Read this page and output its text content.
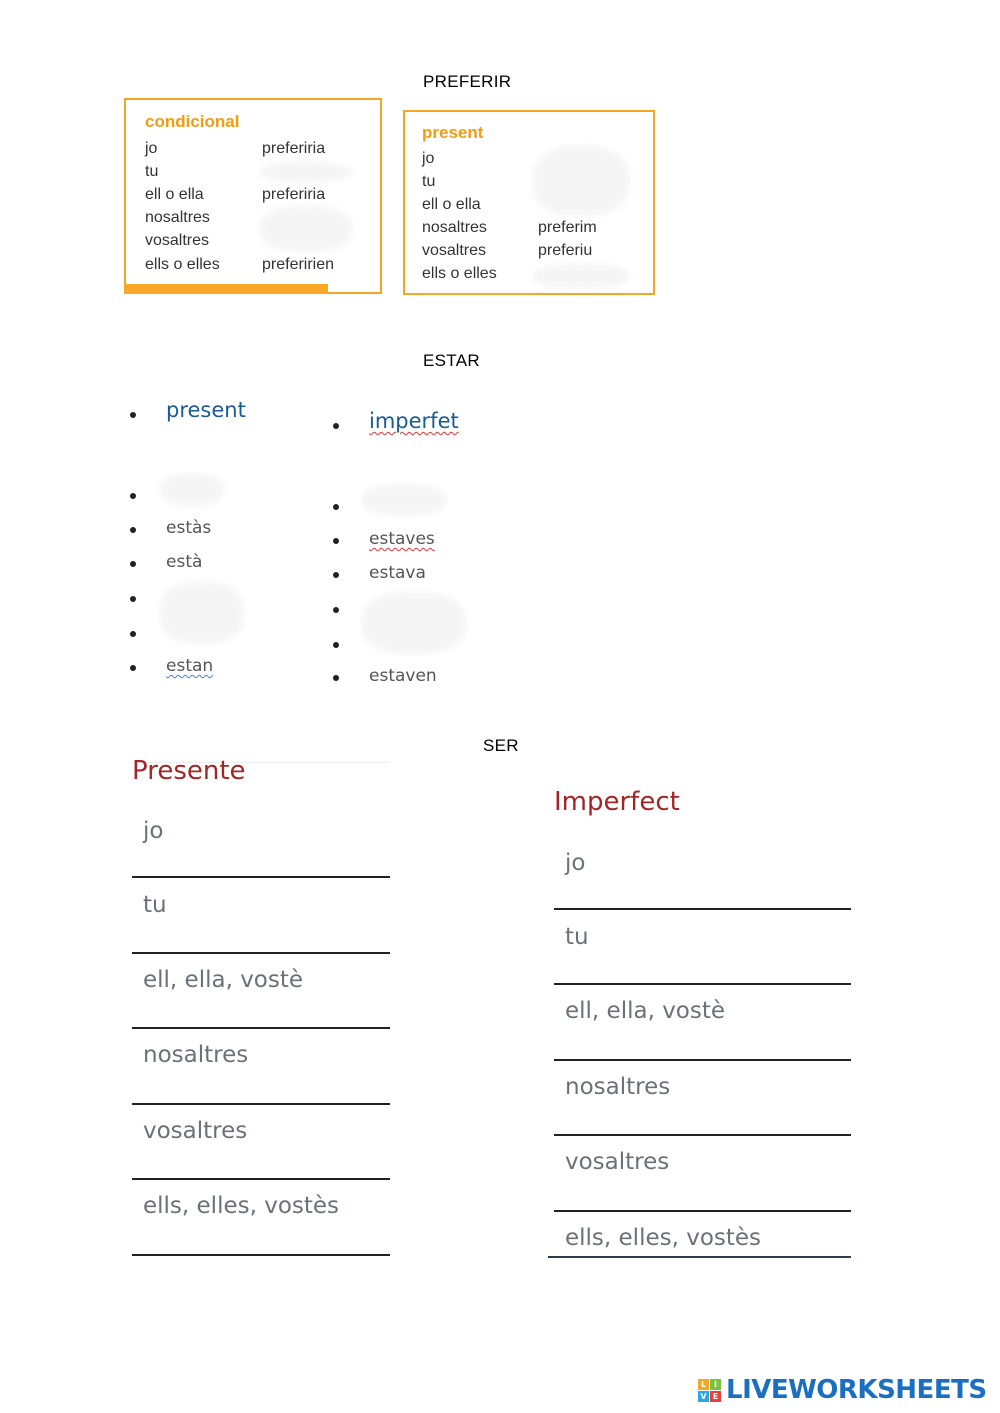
PREFERIR
condicional
jo	preferiria
tu
ell o ella	preferiria
nosaltres
vosaltres
ells o elles	preferirien
present
jo
tu
ell o ella
nosaltres	preferim
vosaltres	preferiu
ells o elles
ESTAR
present
estàs
està
estan
imperfet
estaves
estava
estaven
SER
Presente
jo
tu
ell, ella, vostè
nosaltres
vosaltres
ells, elles, vostès
Imperfect
jo
tu
ell, ella, vostè
nosaltres
vosaltres
ells, elles, vostès
L I
V E LIVEWORKSHEETS
